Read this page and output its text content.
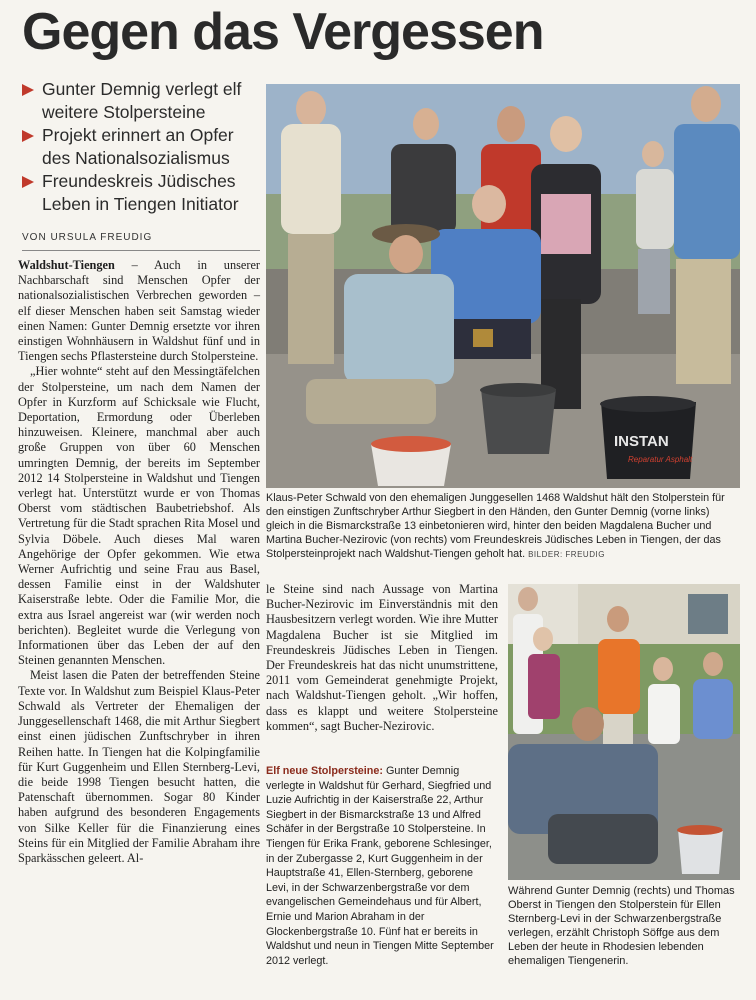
Gegen das Vergessen

Gunter Demnig verlegt elf weitere Stolpersteine

Projekt erinnert an Opfer des Nationalsozialismus

Freundeskreis Jüdisches Leben in Tiengen Initiator

VON URSULA FREUDIG

Waldshut-Tiengen – Auch in unserer Nachbarschaft sind Menschen Opfer der nationalsozialistischen Verbrechen geworden – elf dieser Menschen haben seit Samstag wieder einen Namen: Gunter Demnig ersetzte vor ihren einstigen Wohnhäusern in Waldshut fünf und in Tiengen sechs Pflastersteine durch Stolpersteine.

„Hier wohnte“ steht auf den Messingtäfelchen der Stolpersteine, um nach dem Namen der Opfer in Kurzform auf Schicksale wie Flucht, Deportation, Ermordung oder Überleben hinzuweisen. Kleinere, manchmal aber auch große Gruppen von über 60 Menschen umringten Demnig, der bereits im September 2012 14 Stolpersteine in Waldshut und Tiengen verlegt hat. Unterstützt wurde er von Thomas Oberst vom städtischen Baubetriebshof. Als Vertretung für die Stadt sprachen Rita Mosel und Sylvia Döbele. Auch dieses Mal waren Angehörige der Opfer gekommen. Wie etwa Werner Aufrichtig und seine Frau aus Basel, dessen Familie einst in der Waldshuter Kaiserstraße lebte. Oder die Familie Mor, die extra aus Israel angereist war (wir werden noch berichten). Begleitet wurde die Verlegung von Informationen über das Leben der auf den Steinen genannten Menschen.

Meist lasen die Paten der betreffenden Steine Texte vor. In Waldshut zum Beispiel Klaus-Peter Schwald als Vertreter der Ehemaligen der Junggesellenschaft 1468, die mit Arthur Siegbert einst einen jüdischen Zunftschryber in ihren Reihen hatte. In Tiengen hat die Kolpingfamilie für Kurt Guggenheim und Ellen Sternberg-Levi, die beide 1998 Tiengen besucht hatten, die Patenschaft übernommen. Sogar 80 Kinder haben aufgrund des besonderen Engagements von Silke Keller für die Finanzierung eines Steins für ein Mitglied der Familie Abraham ihre Sparkässchen geleert. Al-

INSTAN
Reparatur Asphalt
Klaus-Peter Schwald von den ehemaligen Junggesellen 1468 Waldshut hält den Stolperstein für den einstigen Zunftschryber Arthur Siegbert in den Händen, den Gunter Demnig (vorne links) gleich in die Bismarckstraße 13 einbetonieren wird, hinter den beiden Magdalena Bucher und Martina Bucher-Nezirovic (von rechts) vom Freundeskreis Jüdisches Leben in Tiengen, der das Stolpersteinprojekt nach Waldshut-Tiengen geholt hat. BILDER: FREUDIG

le Steine sind nach Aussage von Martina Bucher-Nezirovic im Einverständnis mit den Hausbesitzern verlegt worden. Wie ihre Mutter Magdalena Bucher ist sie Mitglied im Freundeskreis Jüdisches Leben in Tiengen. Der Freundeskreis hat das nicht unumstrittene, 2011 vom Gemeinderat genehmigte Projekt, nach Waldshut-Tiengen geholt. „Wir hoffen, dass es klappt und weitere Stolpersteine kommen“, sagt Bucher-Nezirovic.

Elf neue Stolpersteine: Gunter Demnig verlegte in Waldshut für Gerhard, Siegfried und Luzie Aufrichtig in der Kaiserstraße 22, Arthur Siegbert in der Bismarckstraße 13 und Alfred Schäfer in der Bergstraße 10 Stolpersteine. In Tiengen für Erika Frank, geborene Schlesinger, in der Zubergasse 2, Kurt Guggenheim in der Hauptstraße 41, Ellen-Sternberg, geborene Levi, in der Schwarzenbergstraße vor dem evangelischen Gemeindehaus und für Albert, Ernie und Marion Abraham in der Glockenbergstraße 10. Fünf hat er bereits in Waldshut und neun in Tiengen Mitte September 2012 verlegt.
Während Gunter Demnig (rechts) und Thomas Oberst in Tiengen den Stolperstein für Ellen Sternberg-Levi in der Schwarzenbergstraße verlegen, erzählt Christoph Söffge aus dem Leben der heute in Rhodesien lebenden ehemaligen Tiengenerin.
